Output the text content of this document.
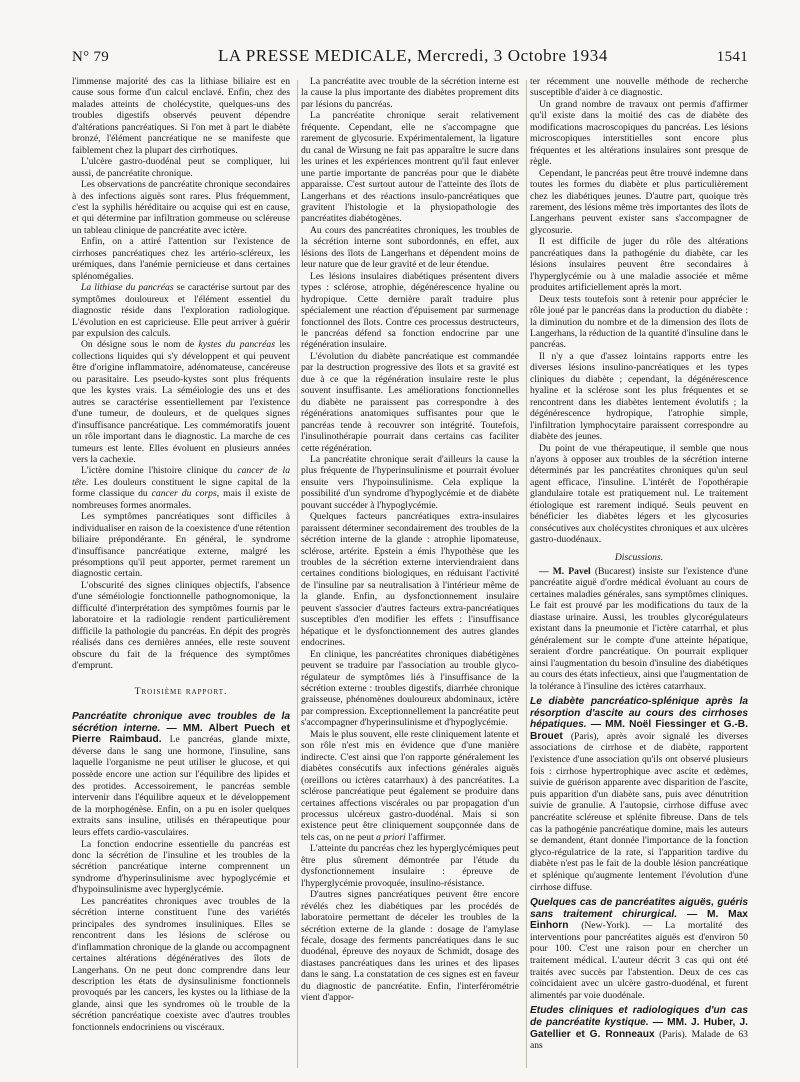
N° 79	LA PRESSE MEDICALE, Mercredi, 3 Octobre 1934	1541

l'immense majorité des cas la lithiase biliaire est en cause sous forme d'un calcul enclavé. Enfin, chez des malades atteints de cholécystite, quelques-uns des troubles digestifs observés peuvent dépendre d'altérations pancréatiques. Si l'on met à part le diabète bronzé, l'élément pancréatique ne se manifeste que faiblement chez la plupart des cirrhotiques.

L'ulcère gastro-duodénal peut se compliquer, lui aussi, de pancréatite chronique.

Les observations de pancréatite chronique secondaires à des infections aiguës sont rares. Plus fréquemment, c'est la syphilis héréditaire ou acquise qui est en cause, et qui détermine par infiltration gommeuse ou scléreuse un tableau clinique de pancréatite avec ictère.

Enfin, on a attiré l'attention sur l'existence de cirrhoses pancréatiques chez les artério-scléreux, les urémiques, dans l'anémie pernicieuse et dans certaines splénomégalies.

La lithiase du pancréas se caractérise surtout par des symptômes douloureux et l'élément essentiel du diagnostic réside dans l'exploration radiologique. L'évolution en est capricieuse. Elle peut arriver à guérir par expulsion des calculs.

On désigne sous le nom de kystes du pancréas les collections liquides qui s'y développent et qui peuvent être d'origine inflammatoire, adénomateuse, cancéreuse ou parasitaire. Les pseudo-kystes sont plus fréquents que les kystes vrais. La séméiologie des uns et des autres se caractérise essentiellement par l'existence d'une tumeur, de douleurs, et de quelques signes d'insuffisance pancréatique. Les commémoratifs jouent un rôle important dans le diagnostic. La marche de ces tumeurs est lente. Elles évoluent en plusieurs années vers la cachexie.

L'ictère domine l'histoire clinique du cancer de la tête. Les douleurs constituent le signe capital de la forme classique du cancer du corps, mais il existe de nombreuses formes anormales.

Les symptômes pancréatiques sont difficiles à individualiser en raison de la coexistence d'une rétention biliaire prépondérante. En général, le syndrome d'insuffisance pancréatique externe, malgré les présomptions qu'il peut apporter, permet rarement un diagnostic certain.

L'obscurité des signes cliniques objectifs, l'absence d'une séméiologie fonctionnelle pathognomonique, la difficulté d'interprétation des symptômes fournis par le laboratoire et la radiologie rendent particulièrement difficile la pathologie du pancréas. En dépit des progrès réalisés dans ces dernières années, elle reste souvent obscure du fait de la fréquence des symptômes d'emprunt.

Troisième rapport.

Pancréatite chronique avec troubles de la sécrétion interne. — MM. Albert Puech et Pierre Raimbaud. Le pancréas, glande mixte, déverse dans le sang une hormone, l'insuline, sans laquelle l'organisme ne peut utiliser le glucose, et qui possède encore une action sur l'équilibre des lipides et des protides. Accessoirement, le pancréas semble intervenir dans l'équilibre aqueux et le développement de la morphogénèse. Enfin, on a pu en isoler quelques extraits sans insuline, utilisés en thérapeutique pour leurs effets cardio-vasculaires.

La fonction endocrine essentielle du pancréas est donc la sécrétion de l'insuline et les troubles de la sécrétion pancréatique interne comprennent un syndrome d'hyperinsulinisme avec hypoglycémie et d'hypoinsulinisme avec hyperglycémie.

Les pancréatites chroniques avec troubles de la sécrétion interne constituent l'une des variétés principales des syndromes insuliniques. Elles se rencontrent dans les lésions de sclérose ou d'inflammation chronique de la glande ou accompagnent certaines altérations dégénératives des îlots de Langerhans. On ne peut donc comprendre dans leur description les états de dysinsulinisme fonctionnels provoqués par les cancers, les kystes ou la lithiase de la glande, ainsi que les syndromes où le trouble de la sécrétion pancréatique coexiste avec d'autres troubles fonctionnels endocriniens ou viscéraux.

La pancréatite avec trouble de la sécrétion interne est la cause la plus importante des diabètes proprement dits par lésions du pancréas.

La pancréatite chronique serait relativement fréquente. Cependant, elle ne s'accompagne que rarement de glycosurie. Expérimentalement, la ligature du canal de Wirsung ne fait pas apparaître le sucre dans les urines et les expériences montrent qu'il faut enlever une partie importante de pancréas pour que le diabète apparaisse. C'est surtout autour de l'atteinte des îlots de Langerhans et des réactions insulo-pancréatiques que gravitent l'histologie et la physiopathologie des pancréatites diabétogènes.

Au cours des pancréatites chroniques, les troubles de la sécrétion interne sont subordonnés, en effet, aux lésions des îlots de Langerhans et dépendent moins de leur nature que de leur gravité et de leur étendue.

Les lésions insulaires diabétiques présentent divers types : sclérose, atrophie, dégénérescence hyaline ou hydropique. Cette dernière paraît traduire plus spécialement une réaction d'épuisement par surmenage fonctionnel des îlots. Contre ces processus destructeurs, le pancréas défend sa fonction endocrine par une régénération insulaire.

L'évolution du diabète pancréatique est commandée par la destruction progressive des îlots et sa gravité est due à ce que la régénération insulaire reste le plus souvent insuffisante. Les améliorations fonctionnelles du diabète ne paraissent pas correspondre à des régénérations anatomiques suffisantes pour que le pancréas tende à recouvrer son intégrité. Toutefois, l'insulinothérapie pourrait dans certains cas faciliter cette régénération.

La pancréatite chronique serait d'ailleurs la cause la plus fréquente de l'hyperinsulinisme et pourrait évoluer ensuite vers l'hypoinsulinisme. Cela explique la possibilité d'un syndrome d'hypoglycémie et de diabète pouvant succéder à l'hypoglycémie.

Quelques facteurs pancréatiques extra-insulaires paraissent déterminer secondairement des troubles de la sécrétion interne de la glande : atrophie lipomateuse, sclérose, artérite. Epstein a émis l'hypothèse que les troubles de la sécrétion externe interviendraient dans certaines conditions biologiques, en réduisant l'activité de l'insuline par sa neutralisation à l'intérieur même de la glande. Enfin, au dysfonctionnement insulaire peuvent s'associer d'autres facteurs extra-pancréatiques susceptibles d'en modifier les effets : l'insuffisance hépatique et le dysfonctionnement des autres glandes endocrines.

En clinique, les pancréatites chroniques diabétigènes peuvent se traduire par l'association au trouble glyco-régulateur de symptômes liés à l'insuffisance de la sécrétion externe : troubles digestifs, diarrhée chronique graisseuse, phénomènes douloureux abdominaux, ictère par compression. Exceptionnellement la pancréatite peut s'accompagner d'hyperinsulinisme et d'hypoglycémie.

Mais le plus souvent, elle reste cliniquement latente et son rôle n'est mis en évidence que d'une manière indirecte. C'est ainsi que l'on rapporte généralement les diabètes consécutifs aux infections générales aiguës (oreillons ou ictères catarrhaux) à des pancréatites. La sclérose pancréatique peut également se produire dans certaines affections viscérales ou par propagation d'un processus ulcéreux gastro-duodénal. Mais si son existence peut être cliniquement soupçonnée dans de tels cas, on ne peut a priori l'affirmer.

L'atteinte du pancréas chez les hyperglycémiques peut être plus sûrement démontrée par l'étude du dysfonctionnement insulaire : épreuve de l'hyperglycémie provoquée, insulino-résistance.

D'autres signes pancréatiques peuvent être encore révélés chez les diabétiques par les procédés de laboratoire permettant de déceler les troubles de la sécrétion externe de la glande : dosage de l'amylase fécale, dosage des ferments pancréatiques dans le suc duodénal, épreuve des noyaux de Schmidt, dosage des diastases pancréatiques dans les urines et des lipases dans le sang. La constatation de ces signes est en faveur du diagnostic de pancréatite. Enfin, l'interférométrie vient d'appor-

ter récemment une nouvelle méthode de recherche susceptible d'aider à ce diagnostic.

Un grand nombre de travaux ont permis d'affirmer qu'il existe dans la moitié des cas de diabète des modifications macroscopiques du pancréas. Les lésions microscopiques interstitielles sont encore plus fréquentes et les altérations insulaires sont presque de règle.

Cependant, le pancréas peut être trouvé indemne dans toutes les formes du diabète et plus particulièrement chez les diabétiques jeunes. D'autre part, quoique très rarement, des lésions même très importantes des îlots de Langerhans peuvent exister sans s'accompagner de glycosurie.

Il est difficile de juger du rôle des altérations pancréatiques dans la pathogénie du diabète, car les lésions insulaires peuvent être secondaires à l'hyperglycémie ou à une maladie associée et même produites artificiellement après la mort.

Deux tests toutefois sont à retenir pour apprécier le rôle joué par le pancréas dans la production du diabète : la diminution du nombre et de la dimension des îlots de Langerhans, la réduction de la quantité d'insuline dans le pancréas.

Il n'y a que d'assez lointains rapports entre les diverses lésions insulino-pancréatiques et les types cliniques du diabète ; cependant, la dégénérescence hyaline et la sclérose sont les plus fréquentes et se rencontrent dans les diabètes lentement évolutifs ; la dégénérescence hydropique, l'atrophie simple, l'infiltration lymphocytaire paraissent correspondre au diabète des jeunes.

Du point de vue thérapeutique, il semble que nous n'ayons à opposer aux troubles de la sécrétion interne déterminés par les pancréatites chroniques qu'un seul agent efficace, l'insuline. L'intérêt de l'opothérapie glandulaire totale est pratiquement nul. Le traitement étiologique est rarement indiqué. Seuls peuvent en bénéficier les diabètes légers et les glycosuries consécutives aux cholécystites chroniques et aux ulcères gastro-duodénaux.

Discussions.

— M. Pavel (Bucarest) insiste sur l'existence d'une pancréatite aiguë d'ordre médical évoluant au cours de certaines maladies générales, sans symptômes cliniques. Le fait est prouvé par les modifications du taux de la diastase urinaire. Aussi, les troubles glycorégulateurs existant dans la pneumonie et l'ictère catarrhal, et plus généralement sur le compte d'une atteinte hépatique, seraient d'ordre pancréatique. On pourrait expliquer ainsi l'augmentation du besoin d'insuline des diabétiques au cours des états infectieux, ainsi que l'augmentation de la tolérance à l'insuline des ictères catarrhaux.

Le diabète pancréatico-splénique après la résorption d'ascite au cours des cirrhoses hépatiques. — MM. Noël Fiessinger et G.-B. Brouet (Paris), après avoir signalé les diverses associations de cirrhose et de diabète, rapportent l'existence d'une association qu'ils ont observé plusieurs fois : cirrhose hypertrophique avec ascite et œdèmes, suivie de guérison apparente avec disparition de l'ascite, puis apparition d'un diabète sans, puis avec dénutrition suivie de granulie. A l'autopsie, cirrhose diffuse avec pancréatite scléreuse et splénite fibreuse. Dans de tels cas la pathogénie pancréatique domine, mais les auteurs se demandent, étant donnée l'importance de la fonction glyco-régulatrice de la rate, si l'apparition tardive du diabète n'est pas le fait de la double lésion pancréatique et splénique qu'augmente lentement l'évolution d'une cirrhose diffuse.

Quelques cas de pancréatites aiguës, guéris sans traitement chirurgical. — M. Max Einhorn (New-York). — La mortalité des interventions pour pancréatites aiguës est d'environ 50 pour 100. C'est une raison pour en chercher un traitement médical. L'auteur décrit 3 cas qui ont été traités avec succès par l'abstention. Deux de ces cas coïncidaient avec un ulcère gastro-duodénal, et furent alimentés par voie duodénale.

Etudes cliniques et radiologiques d'un cas de pancréatite kystique. — MM. J. Huber, J. Gatellier et G. Ronneaux (Paris). Malade de 63 ans
